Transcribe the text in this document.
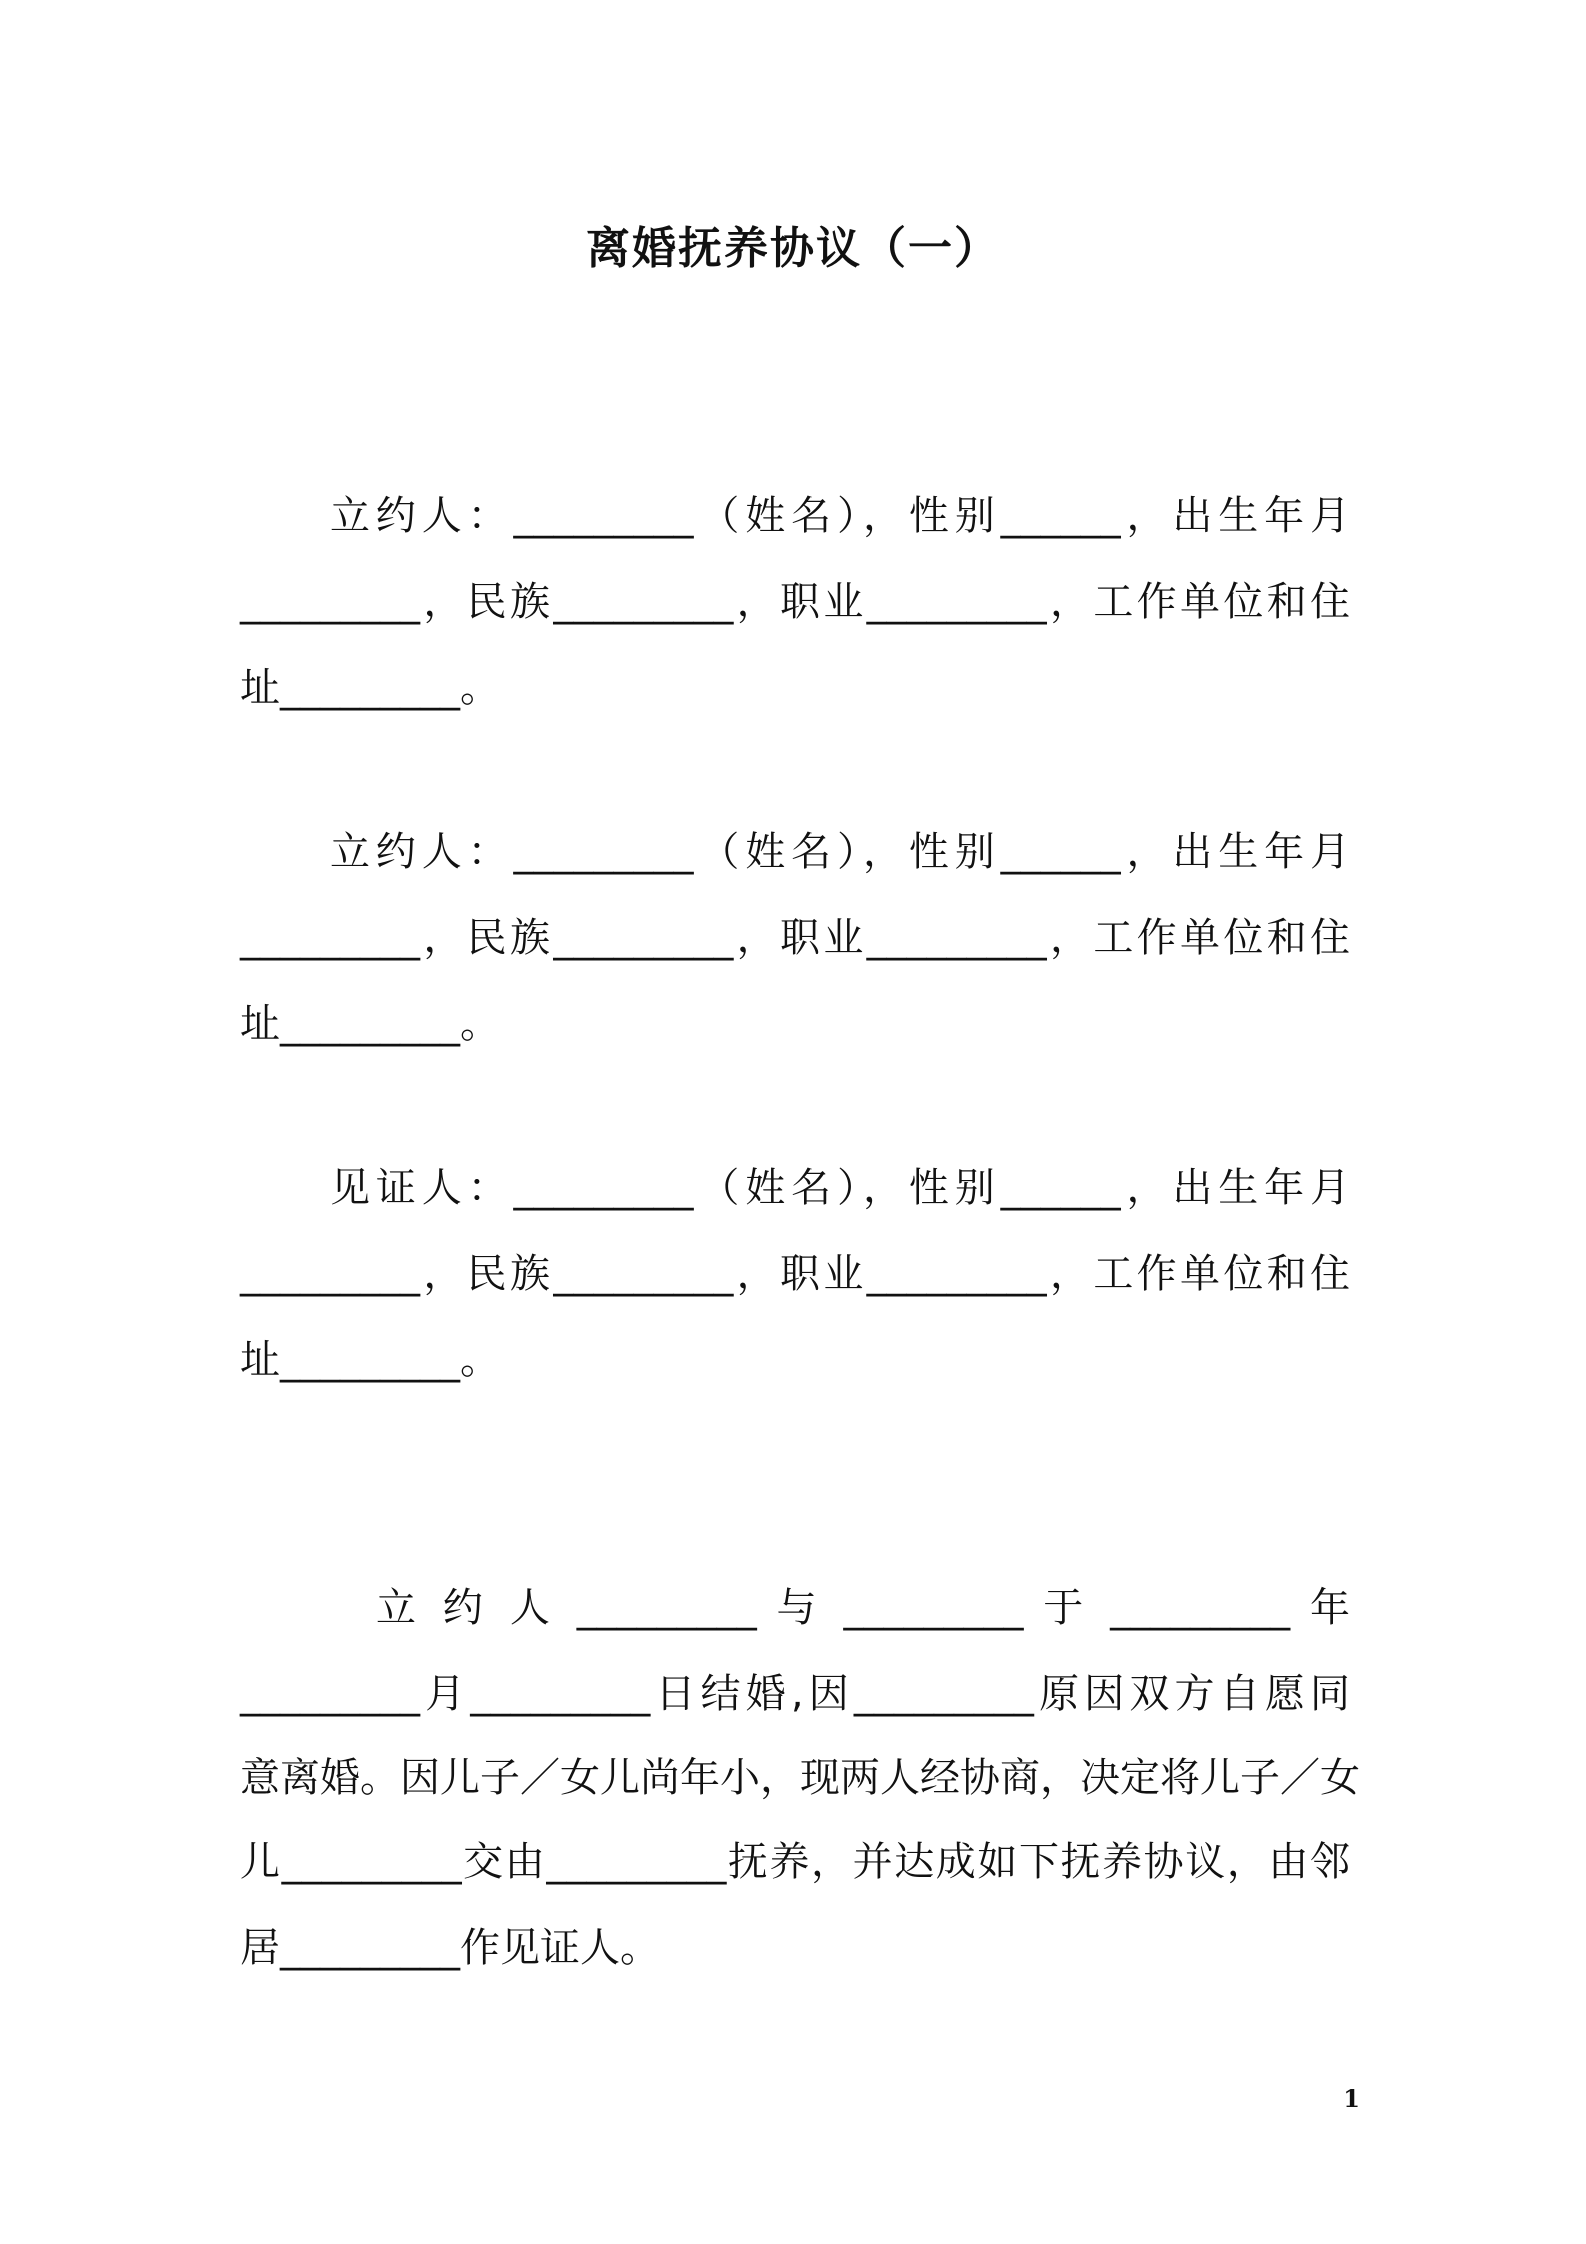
离婚抚养协议（一）
立约人：_________（姓名），性别______，出生年月
_________，民族_________，职业_________，工作单位和住
址_________。
立约人：_________（姓名），性别______，出生年月
_________，民族_________，职业_________，工作单位和住
址_________。
见证人：_________（姓名），性别______，出生年月
_________，民族_________，职业_________，工作单位和住
址_________。
立 约 人 _________ 与 _________ 于 _________ 年
_________月_________日结婚,因_________原因双方自愿同
意离婚。因儿子／女儿尚年小，现两人经协商，决定将儿子／女
儿_________交由_________抚养，并达成如下抚养协议，由邻
居_________作见证人。
1
